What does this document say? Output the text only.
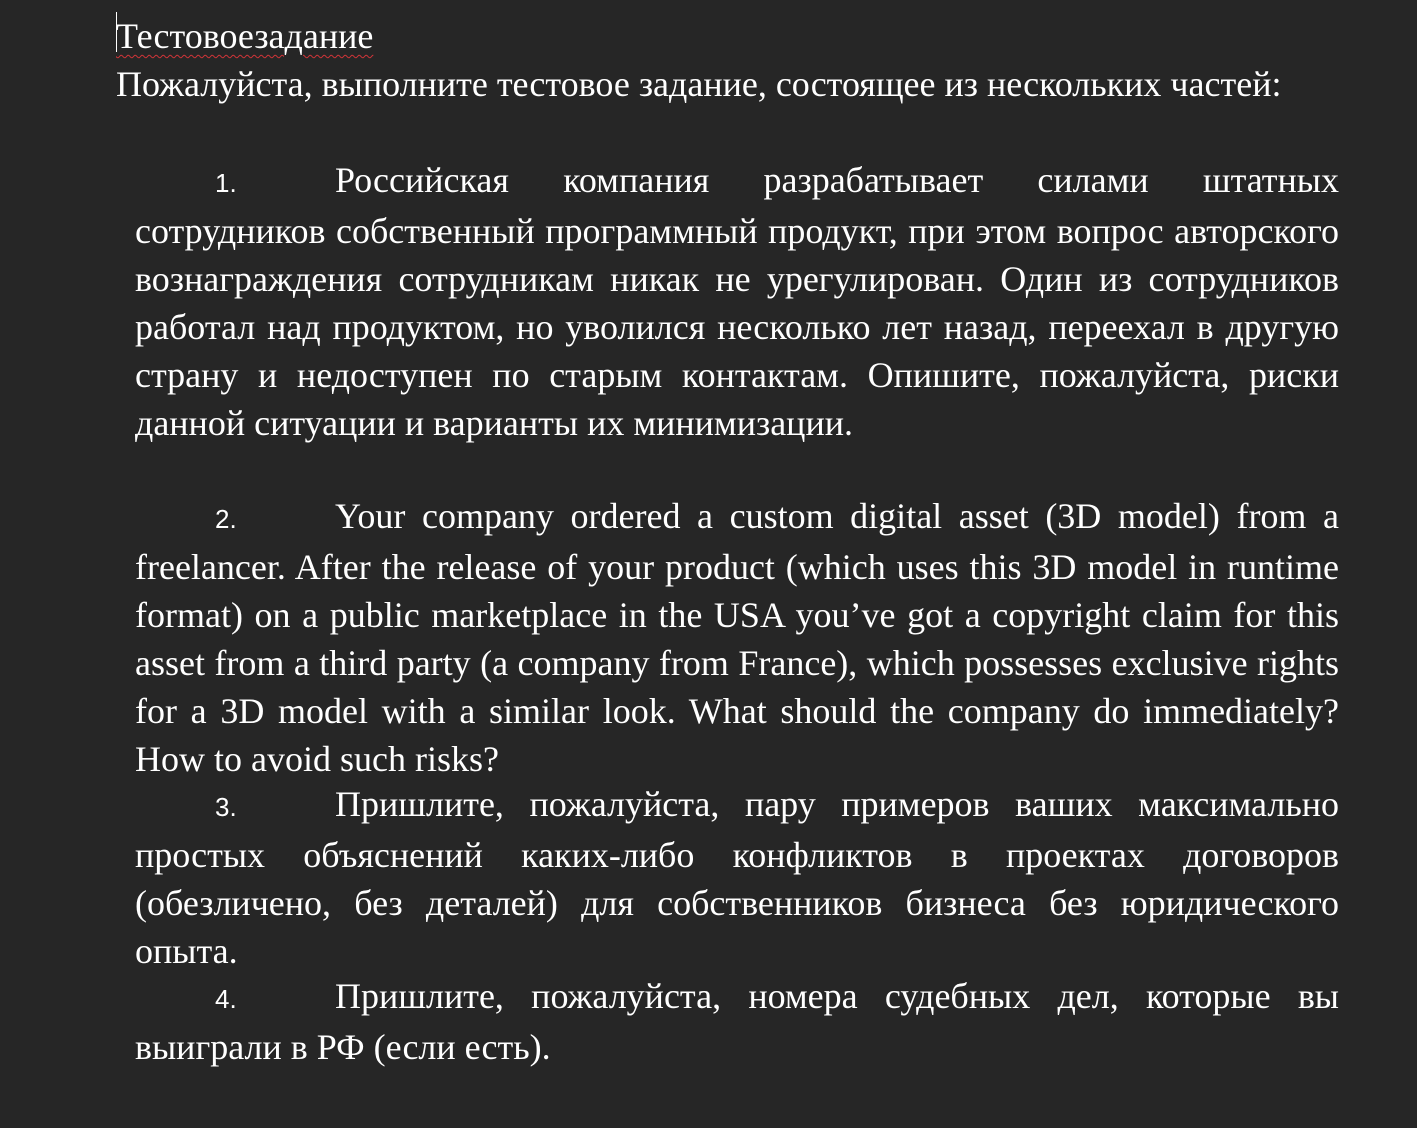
Тестовоезадание

Пожалуйста, выполните тестовое задание, состоящее из нескольких частей:

1.	Российская компания разрабатывает силами штатных сотрудников собственный программный продукт, при этом вопрос авторского вознаграждения сотрудникам никак не урегулирован. Один из сотрудников работал над продуктом, но уволился несколько лет назад, переехал в другую страну и недоступен по старым контактам. Опишите, пожалуйста, риски данной ситуации и варианты их минимизации.

2.	Your company ordered a custom digital asset (3D model) from a freelancer. After the release of your product (which uses this 3D model in runtime format) on a public marketplace in the USA you’ve got a copyright claim for this asset from a third party (a company from France), which possesses exclusive rights for a 3D model with a similar look. What should the company do immediately? How to avoid such risks?

3.	Пришлите, пожалуйста, пару примеров ваших максимально простых объяснений каких-либо конфликтов в проектах договоров (обезличено, без деталей) для собственников бизнеса без юридического опыта.

4.	Пришлите, пожалуйста, номера судебных дел, которые вы выиграли в РФ (если есть).
